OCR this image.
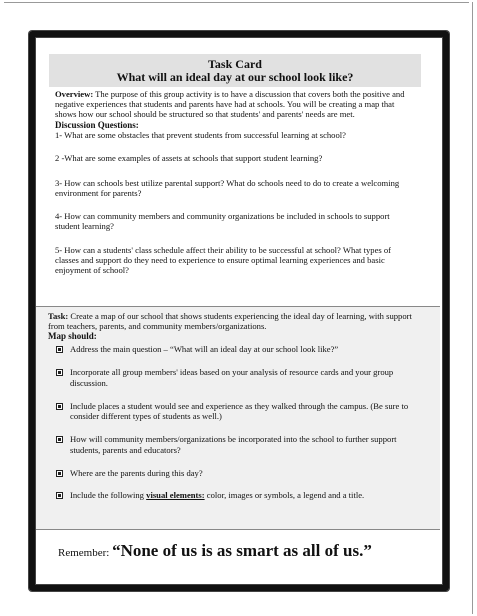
Task Card
What will an ideal day at our school look like?
Overview: The purpose of this group activity is to have a discussion that covers both the positive and negative experiences that students and parents have had at schools. You will be creating a map that shows how our school should be structured so that students' and parents' needs are met.
Discussion Questions:
1- What are some obstacles that prevent students from successful learning at school?
2 -What are some examples of assets at schools that support student learning?
3- How can schools best utilize parental support? What do schools need to do to create a welcoming environment for parents?
4- How can community members and community organizations be included in schools to support student learning?
5- How can a students' class schedule affect their ability to be successful at school? What types of classes and support do they need to experience to ensure optimal learning experiences and basic enjoyment of school?
Task: Create a map of our school that shows students experiencing the ideal day of learning, with support from teachers, parents, and community members/organizations.
Map should:
Address the main question – “What will an ideal day at our school look like?”
Incorporate all group members' ideas based on your analysis of resource cards and your group discussion.
Include places a student would see and experience as they walked through the campus. (Be sure to consider different types of students as well.)
How will community members/organizations be incorporated into the school to further support students, parents and educators?
Where are the parents during this day?
Include the following visual elements: color, images or symbols, a legend and a title.
Remember: “None of us is as smart as all of us.”
